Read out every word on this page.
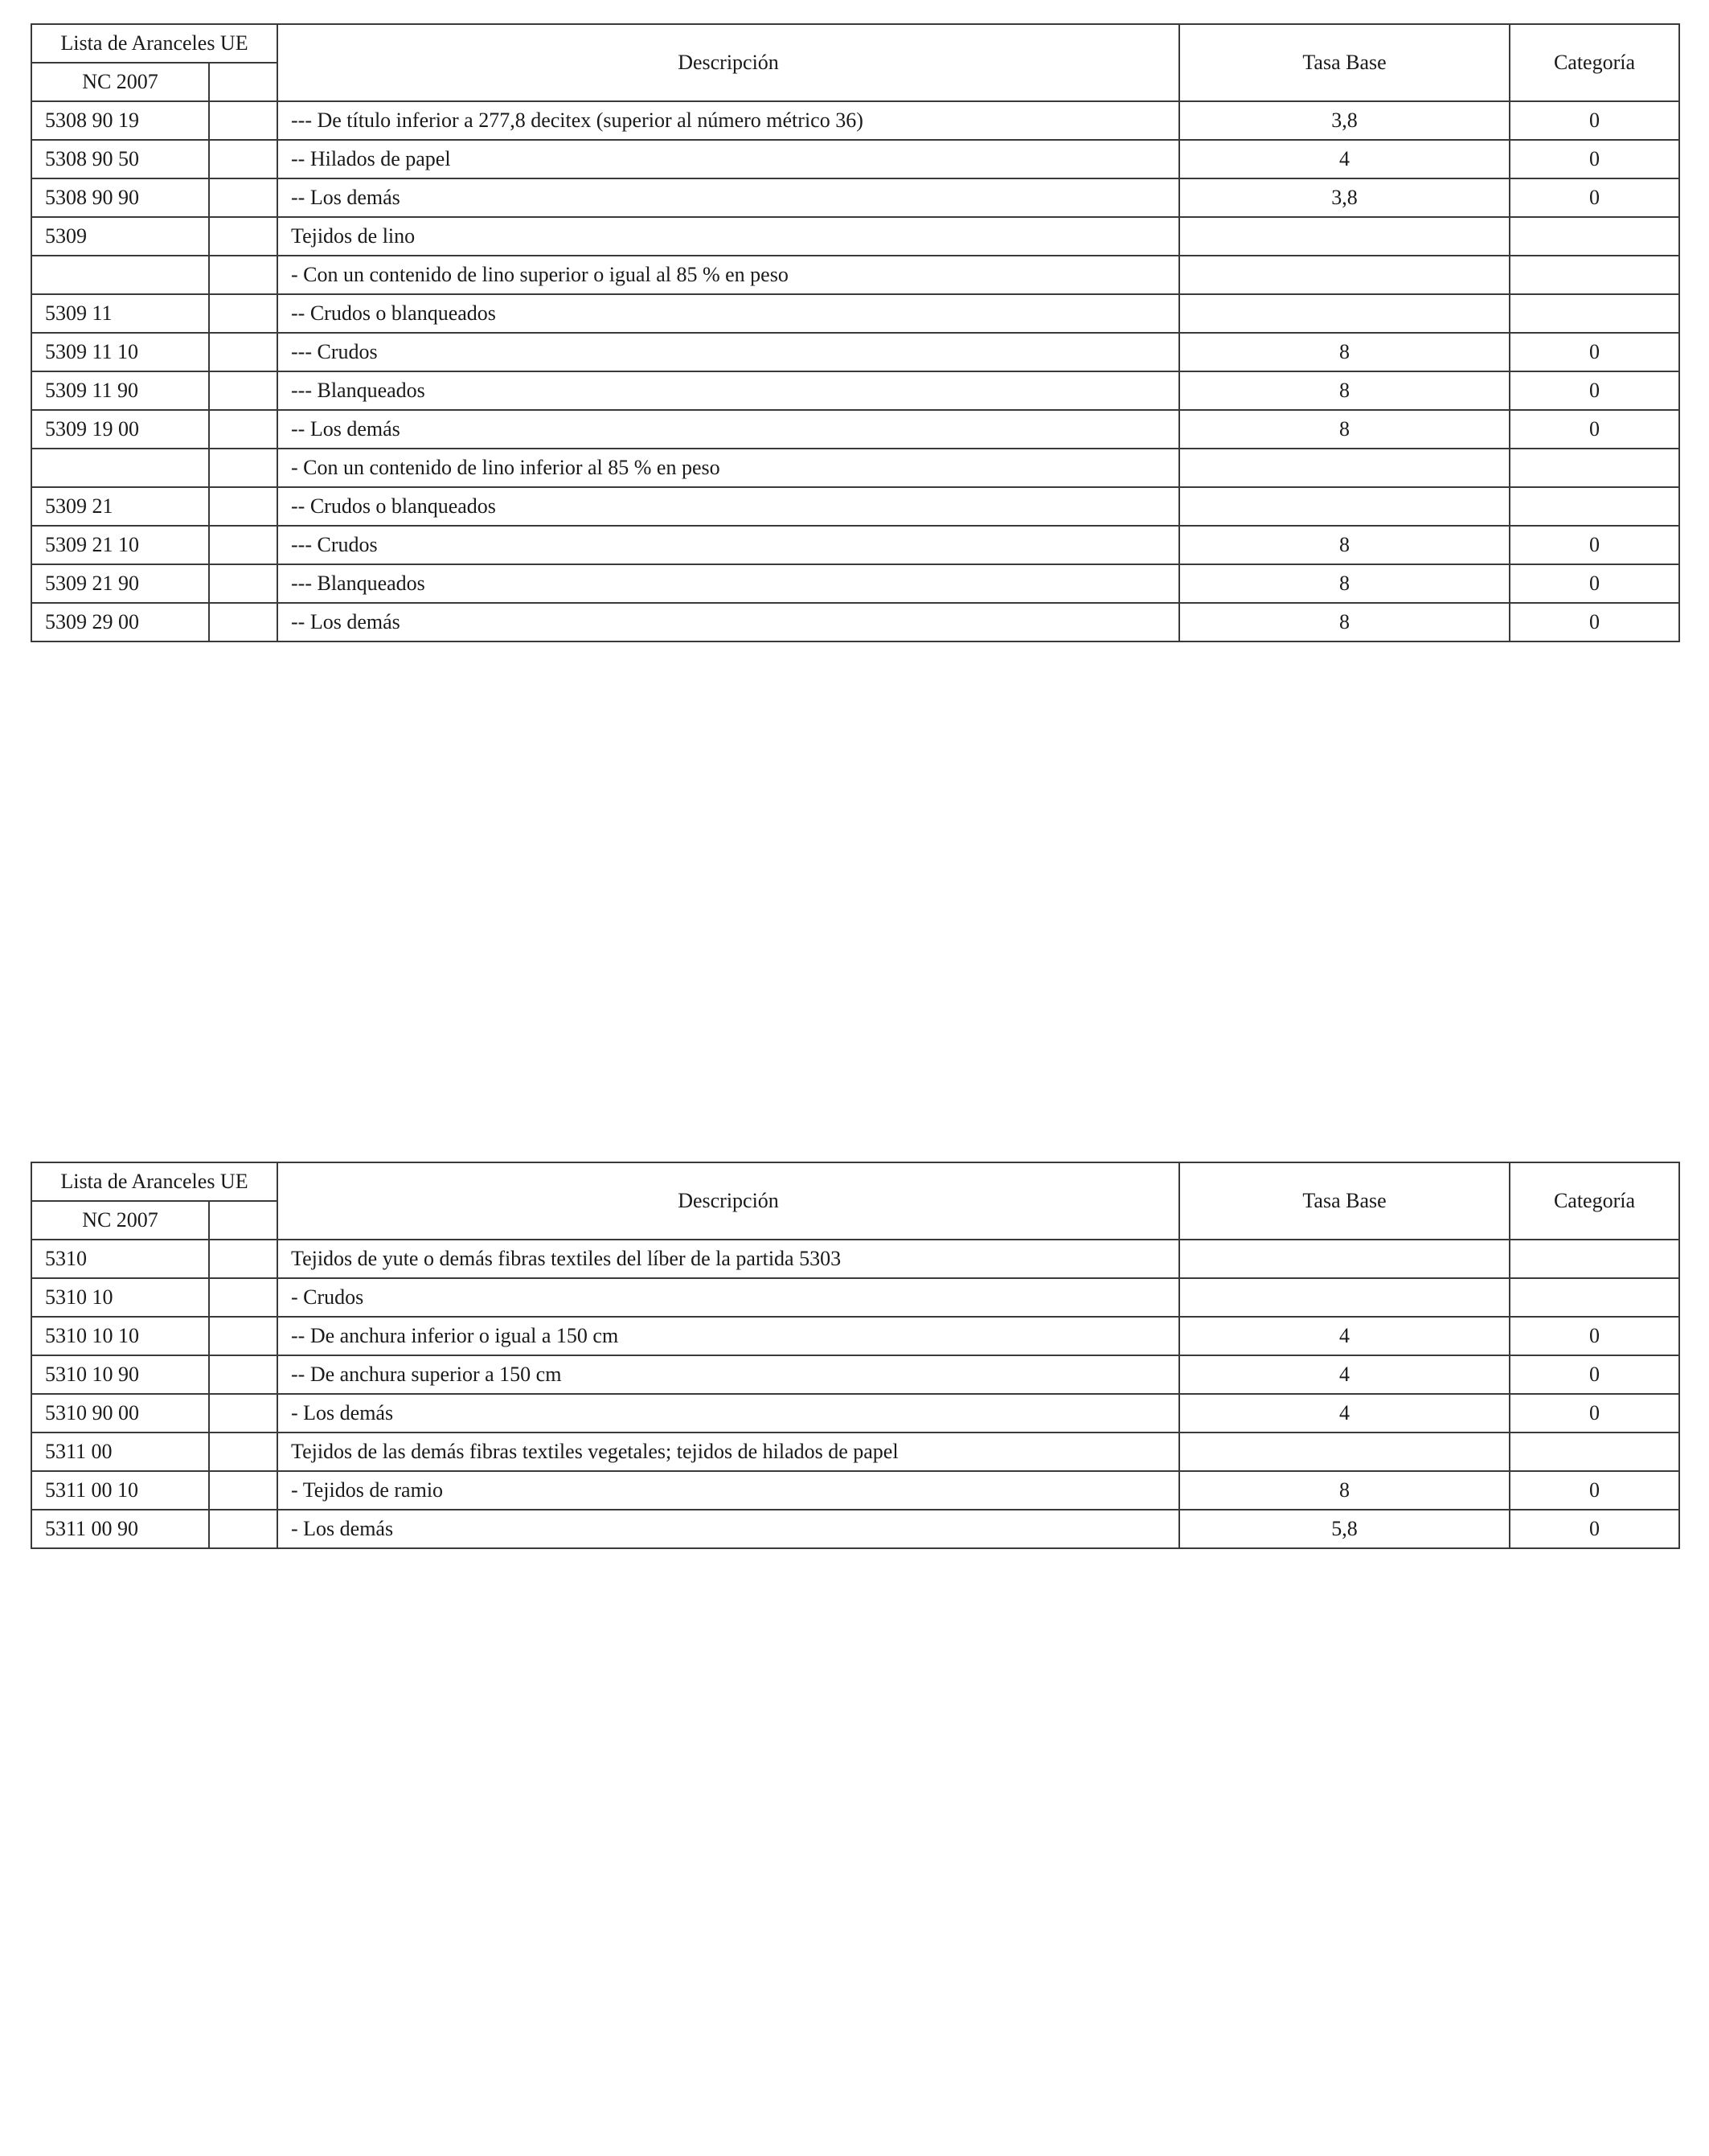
Lista de Aranceles UE		Descripción	Tasa Base	Categoría
NC 2007				
5308 90 19		--- De título inferior a 277,8 decitex (superior al número métrico 36)	3,8	0
5308 90 50		-- Hilados de papel	4	0
5308 90 90		-- Los demás	3,8	0
5309		Tejidos de lino		
		- Con un contenido de lino superior o igual al 85 % en peso		
5309 11		-- Crudos o blanqueados		
5309 11 10		--- Crudos	8	0
5309 11 90		--- Blanqueados	8	0
5309 19 00		-- Los demás	8	0
		- Con un contenido de lino inferior al 85 % en peso		
5309 21		-- Crudos o blanqueados		
5309 21 10		--- Crudos	8	0
5309 21 90		--- Blanqueados	8	0
5309 29 00		-- Los demás	8	0
Lista de Aranceles UE		Descripción	Tasa Base	Categoría
NC 2007				
5310		Tejidos de yute o demás fibras textiles del líber de la partida 5303		
5310 10		- Crudos		
5310 10 10		-- De anchura inferior o igual a 150 cm	4	0
5310 10 90		-- De anchura superior a 150 cm	4	0
5310 90 00		- Los demás	4	0
5311 00		Tejidos de las demás fibras textiles vegetales; tejidos de hilados de papel		
5311 00 10		- Tejidos de ramio	8	0
5311 00 90		- Los demás	5,8	0
